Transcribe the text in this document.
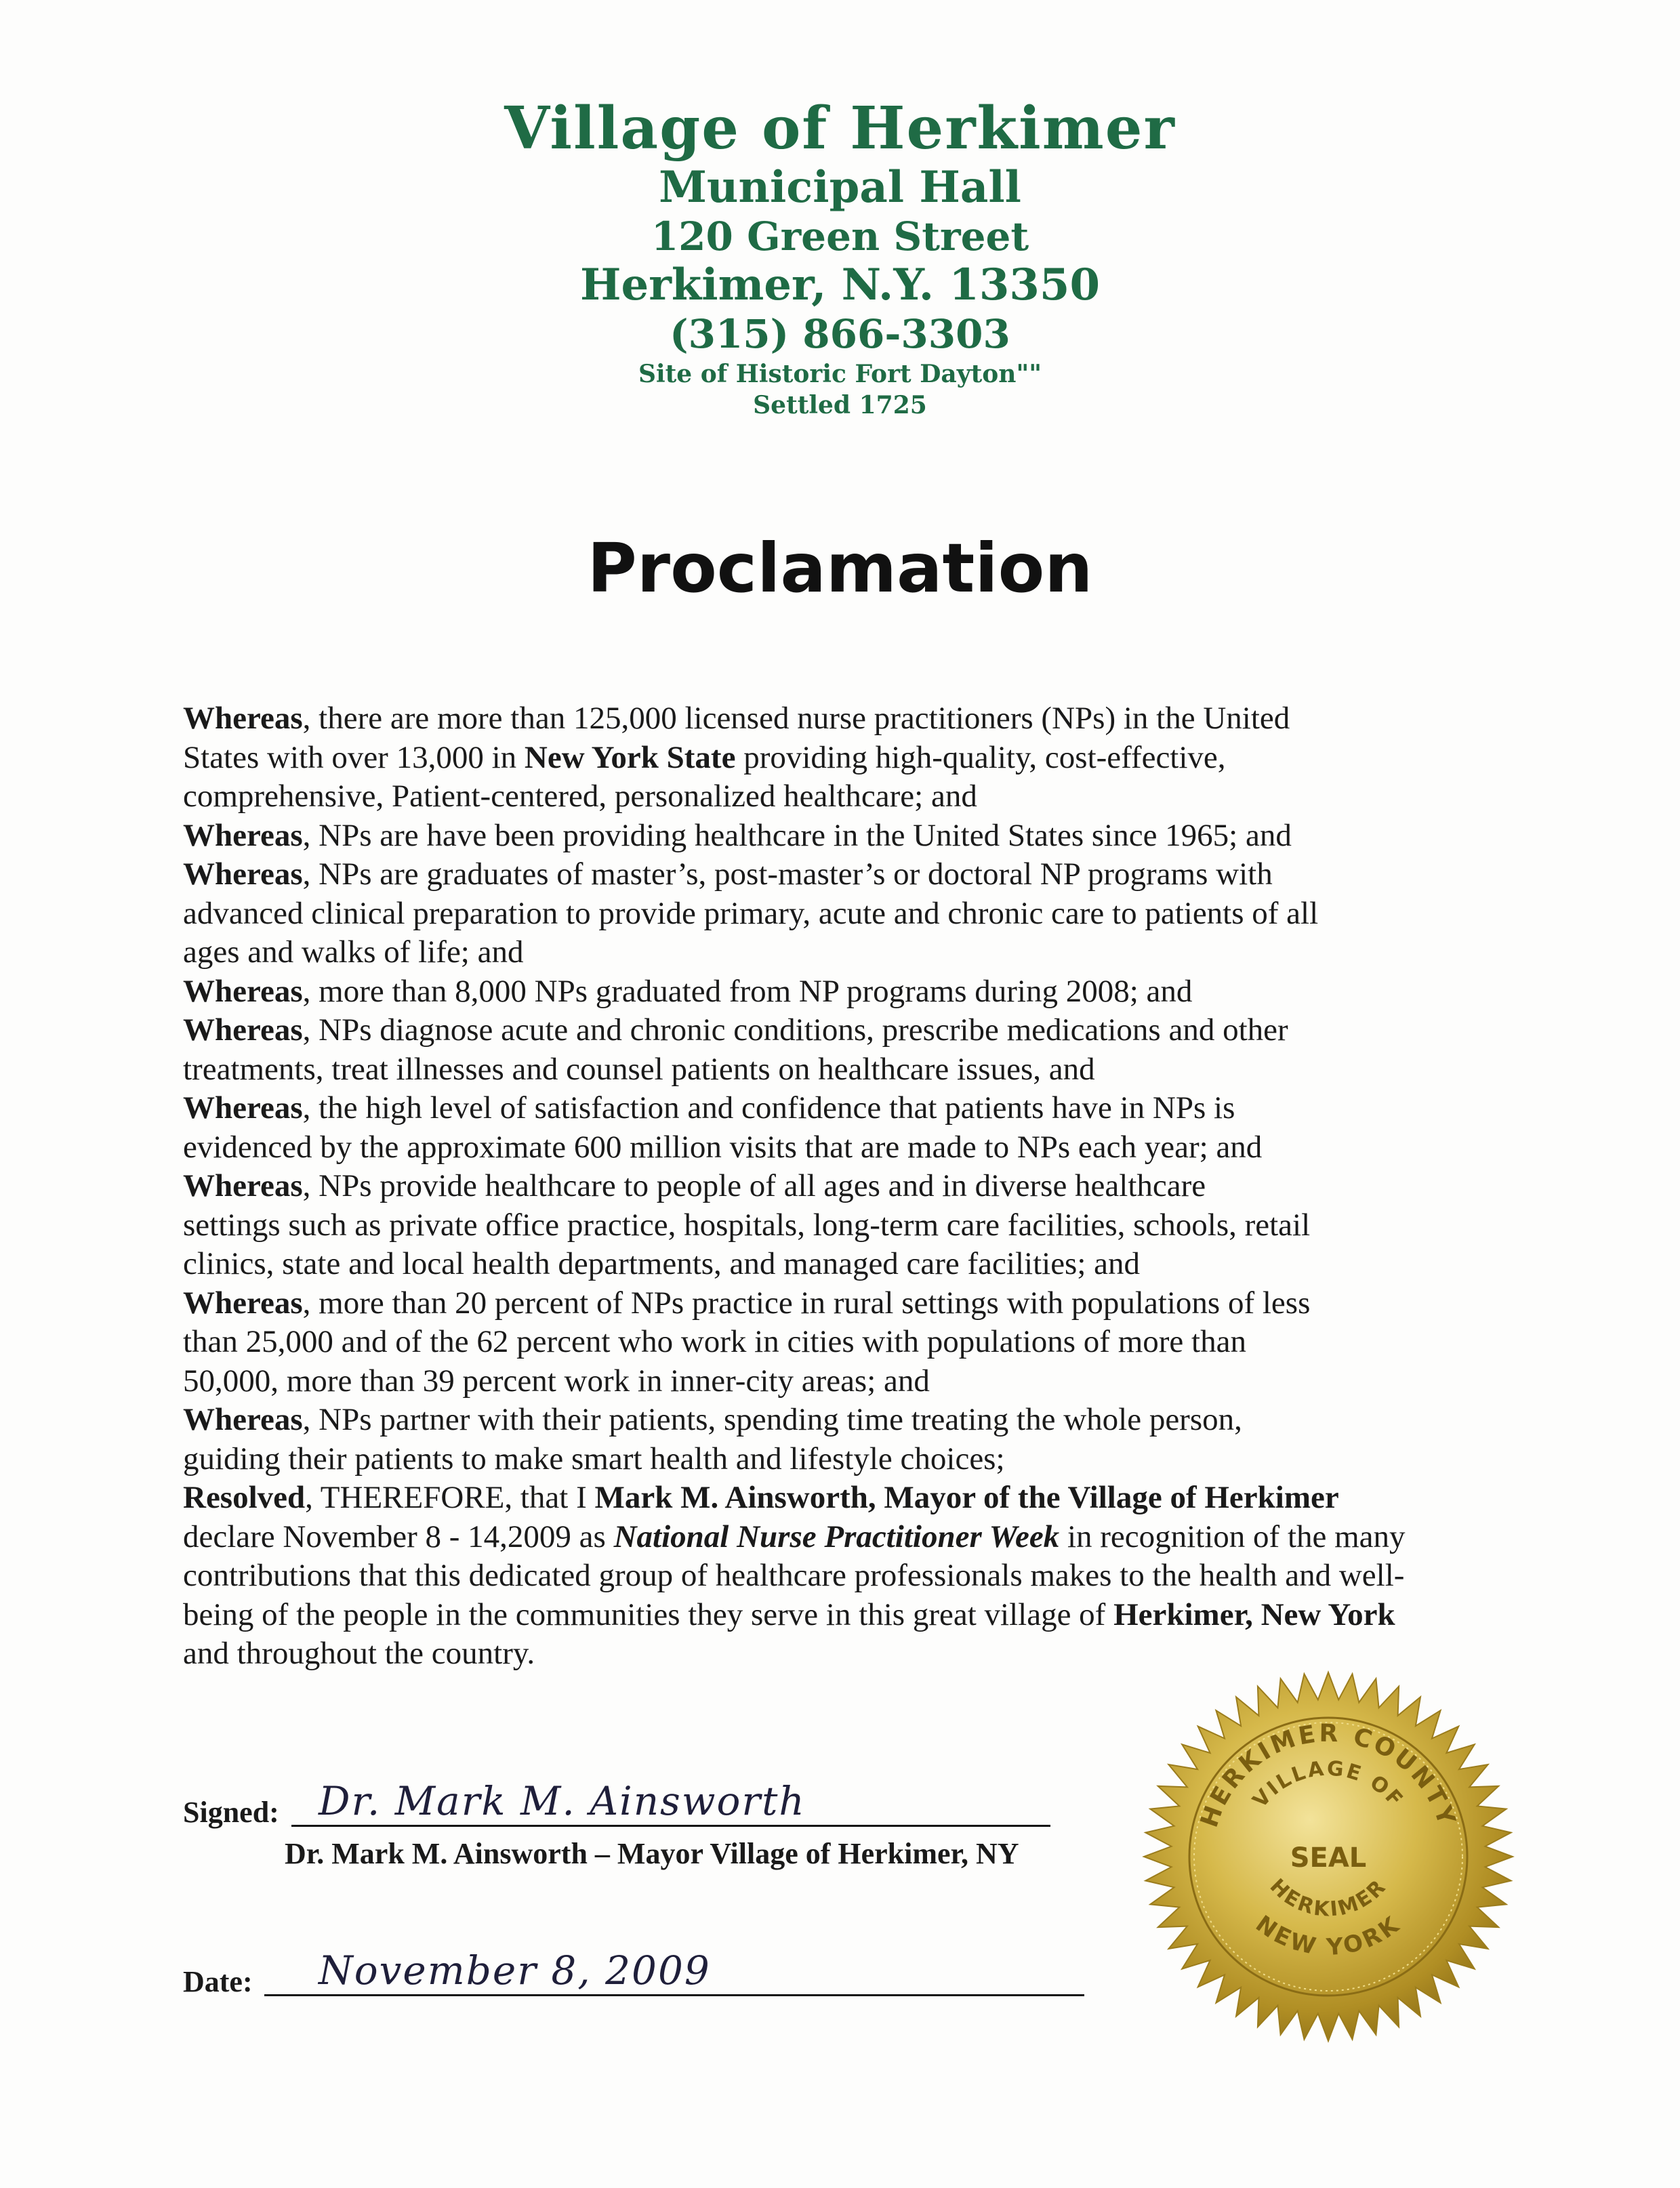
Village of Herkimer
Municipal Hall
120 Green Street
Herkimer, N.Y. 13350
(315) 866-3303
Site of Historic Fort Dayton""
Settled 1725
Proclamation
Whereas, there are more than 125,000 licensed nurse practitioners (NPs) in the United
States with over 13,000 in New York State providing high-quality, cost-effective,
comprehensive, Patient-centered, personalized healthcare; and
Whereas, NPs are have been providing healthcare in the United States since 1965; and
Whereas, NPs are graduates of master’s, post-master’s or doctoral NP programs with
advanced clinical preparation to provide primary, acute and chronic care to patients of all
ages and walks of life; and
Whereas, more than 8,000 NPs graduated from NP programs during 2008; and
Whereas, NPs diagnose acute and chronic conditions, prescribe medications and other
treatments, treat illnesses and counsel patients on healthcare issues, and
Whereas, the high level of satisfaction and confidence that patients have in NPs is
evidenced by the approximate 600 million visits that are made to NPs each year; and
Whereas, NPs provide healthcare to people of all ages and in diverse healthcare
settings such as private office practice, hospitals, long-term care facilities, schools, retail
clinics, state and local health departments, and managed care facilities; and
Whereas, more than 20 percent of NPs practice in rural settings with populations of less
than 25,000 and of the 62 percent who work in cities with populations of more than
50,000, more than 39 percent work in inner-city areas; and
Whereas, NPs partner with their patients, spending time treating the whole person,
guiding their patients to make smart health and lifestyle choices;
Resolved, THEREFORE, that I Mark M. Ainsworth, Mayor of the Village of Herkimer
declare November 8 - 14,2009 as National Nurse Practitioner Week in recognition of the many
contributions that this dedicated group of healthcare professionals makes to the health and well-
being of the people in the communities they serve in this great village of Herkimer, New York
and throughout the country.
Signed: Dr. Mark M. Ainsworth
Dr. Mark M. Ainsworth – Mayor Village of Herkimer, NY
Date: November 8, 2009
HERKIMER COUNTY
VILLAGE OF
SEAL
HERKIMER
NEW YORK
